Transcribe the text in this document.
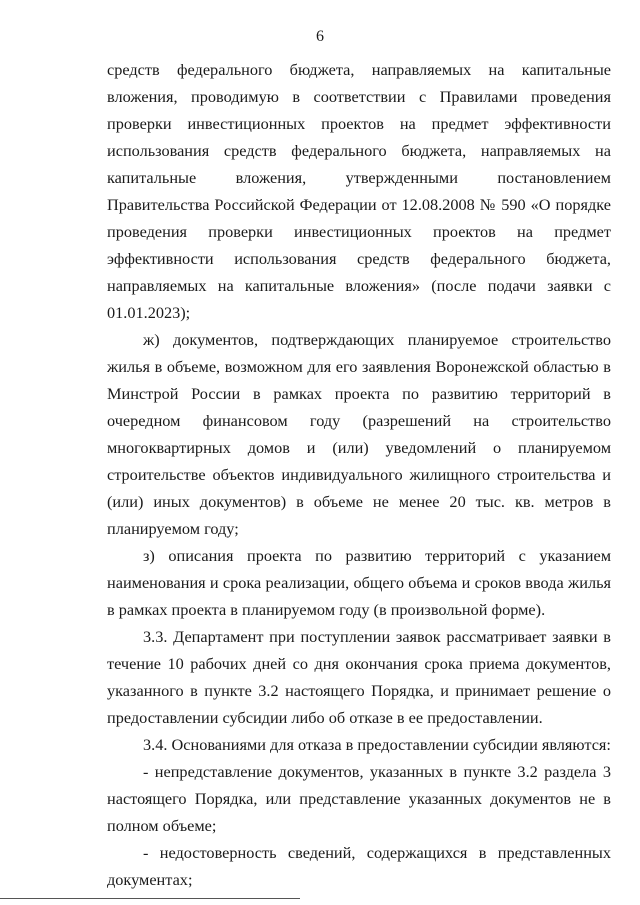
6

средств федерального бюджета, направляемых на капитальные вложения, проводимую в соответствии с Правилами проведения проверки инвестиционных проектов на предмет эффективности использования средств федерального бюджета, направляемых на капитальные вложения, утвержденными постановлением Правительства Российской Федерации от 12.08.2008 № 590 «О порядке проведения проверки инвестиционных проектов на предмет эффективности использования средств федерального бюджета, направляемых на капитальные вложения» (после подачи заявки с 01.01.2023);

ж) документов, подтверждающих планируемое строительство жилья в объеме, возможном для его заявления Воронежской областью в Минстрой России в рамках проекта по развитию территорий в очередном финансовом году (разрешений на строительство многоквартирных домов и (или) уведомлений о планируемом строительстве объектов индивидуального жилищного строительства и (или) иных документов) в объеме не менее 20 тыс. кв. метров в планируемом году;

з) описания проекта по развитию территорий с указанием наименования и срока реализации, общего объема и сроков ввода жилья в рамках проекта в планируемом году (в произвольной форме).

3.3. Департамент при поступлении заявок рассматривает заявки в течение 10 рабочих дней со дня окончания срока приема документов, указанного в пункте 3.2 настоящего Порядка, и принимает решение о предоставлении субсидии либо об отказе в ее предоставлении.

3.4. Основаниями для отказа в предоставлении субсидии являются:

- непредставление документов, указанных в пункте 3.2 раздела 3 настоящего Порядка, или представление указанных документов не в полном объеме;

- недостоверность сведений, содержащихся в представленных документах;
